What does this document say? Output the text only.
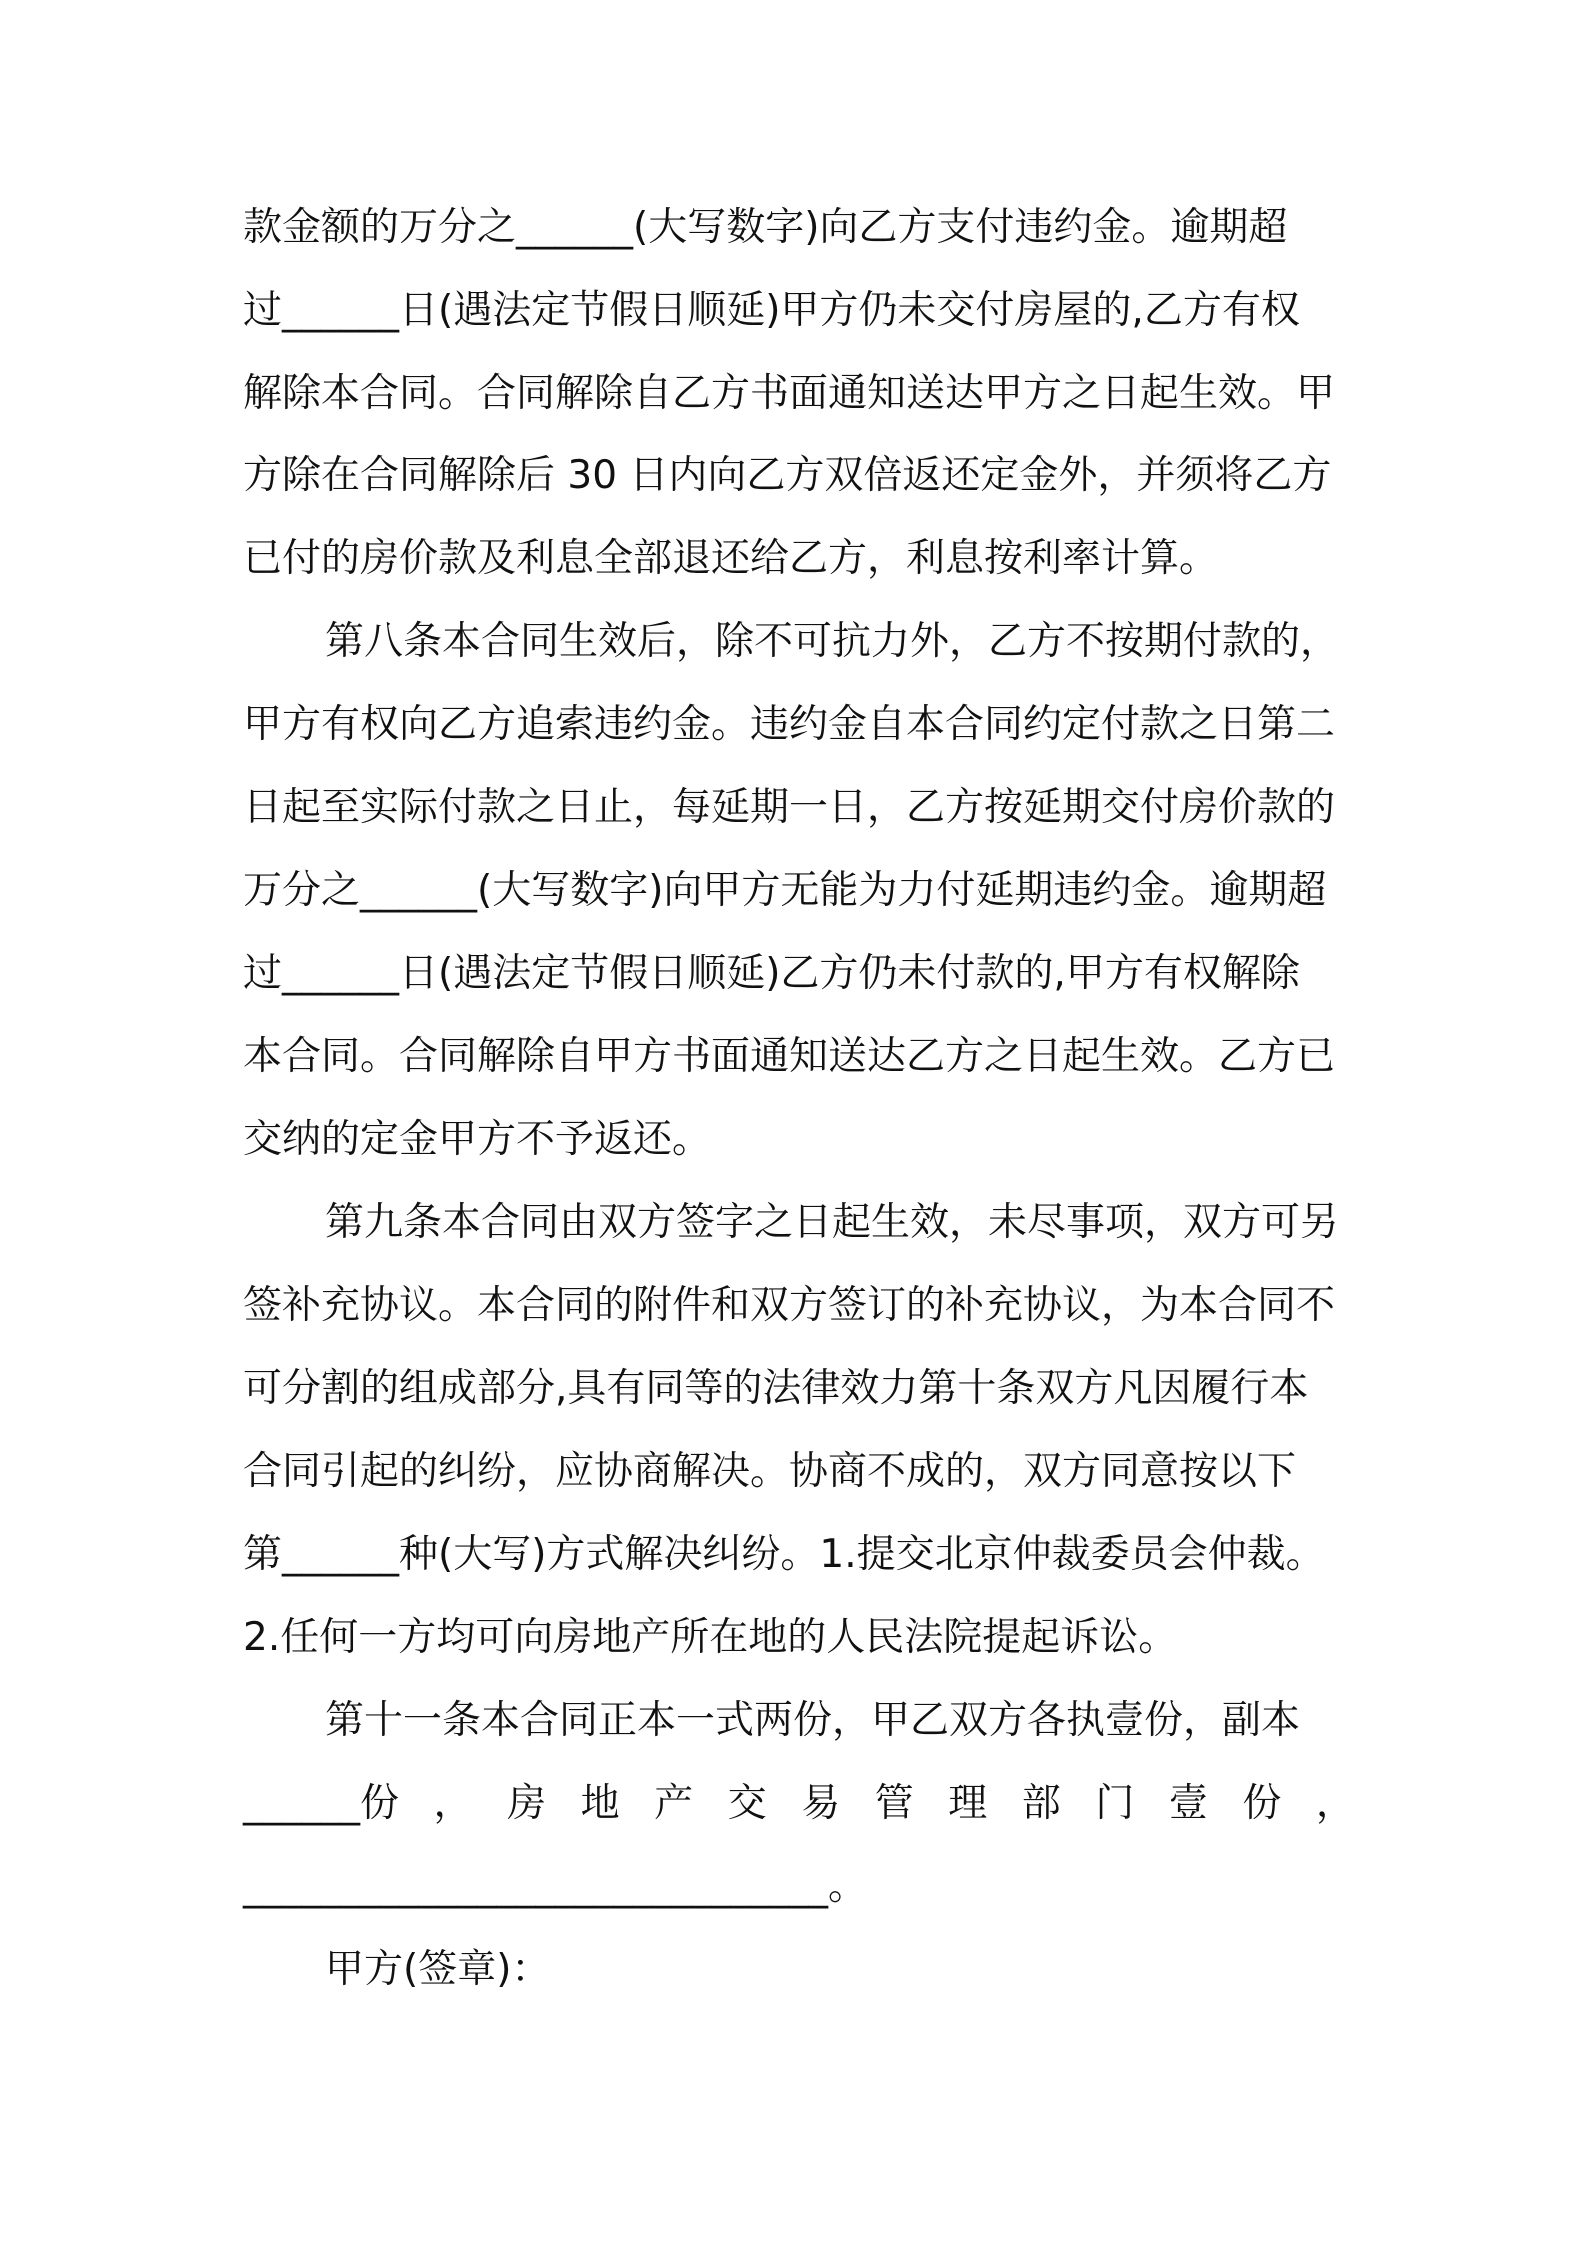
款金额的万分之______(大写数字)向乙方支付违约金。逾期超
过______日(遇法定节假日顺延)甲方仍未交付房屋的,乙方有权
解除本合同。合同解除自乙方书面通知送达甲方之日起生效。甲
方除在合同解除后 30 日内向乙方双倍返还定金外，并须将乙方
已付的房价款及利息全部退还给乙方，利息按利率计算。
第八条本合同生效后，除不可抗力外，乙方不按期付款的，
甲方有权向乙方追索违约金。违约金自本合同约定付款之日第二
日起至实际付款之日止，每延期一日，乙方按延期交付房价款的
万分之______(大写数字)向甲方无能为力付延期违约金。逾期超
过______日(遇法定节假日顺延)乙方仍未付款的,甲方有权解除
本合同。合同解除自甲方书面通知送达乙方之日起生效。乙方已
交纳的定金甲方不予返还。
第九条本合同由双方签字之日起生效，未尽事项，双方可另
签补充协议。本合同的附件和双方签订的补充协议，为本合同不
可分割的组成部分,具有同等的法律效力第十条双方凡因履行本
合同引起的纠纷，应协商解决。协商不成的，双方同意按以下
第______种(大写)方式解决纠纷。1.提交北京仲裁委员会仲裁。
2.任何一方均可向房地产所在地的人民法院提起诉讼。
第十一条本合同正本一式两份，甲乙双方各执壹份，副本
______份 ， 房 地 产 交 易 管 理 部 门 壹 份 ，
______________________________。
甲方(签章)：
